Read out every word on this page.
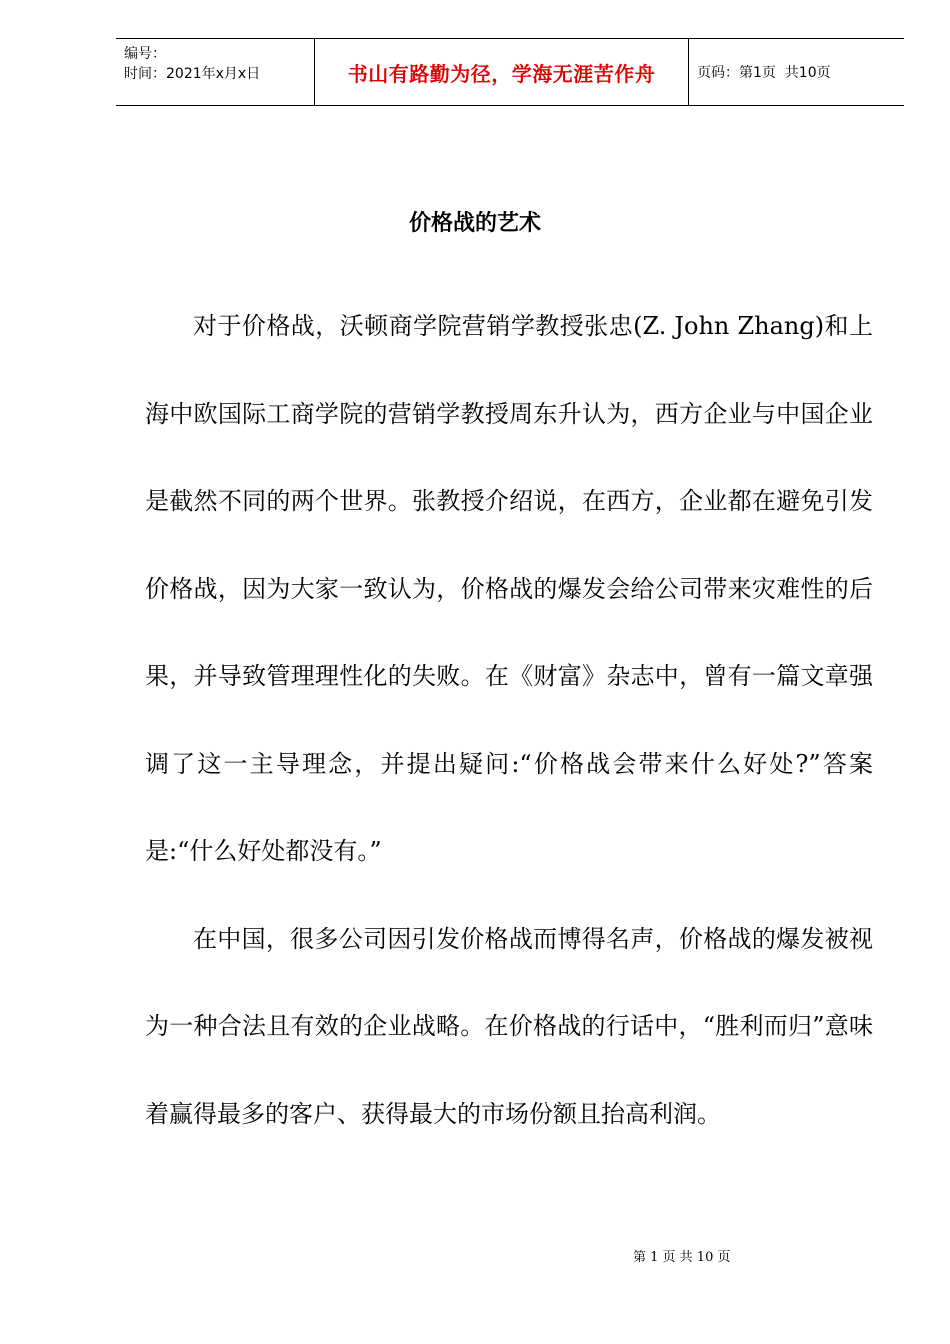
编号：
时间：2021年x月x日	书山有路勤为径，学海无涯苦作舟	页码：第1页  共10页
价格战的艺术

对于价格战，沃顿商学院营销学教授张忠(Z. John Zhang)和上海中欧国际工商学院的营销学教授周东升认为，西方企业与中国企业是截然不同的两个世界。张教授介绍说，在西方，企业都在避免引发价格战，因为大家一致认为，价格战的爆发会给公司带来灾难性的后果，并导致管理理性化的失败。在《财富》杂志中，曾有一篇文章强调了这一主导理念，并提出疑问:“价格战会带来什么好处?”答案是:“什么好处都没有。”

在中国，很多公司因引发价格战而博得名声，价格战的爆发被视为一种合法且有效的企业战略。在价格战的行话中，“胜利而归”意味着赢得最多的客户、获得最大的市场份额且抬高利润。

第 1 页 共 10 页
